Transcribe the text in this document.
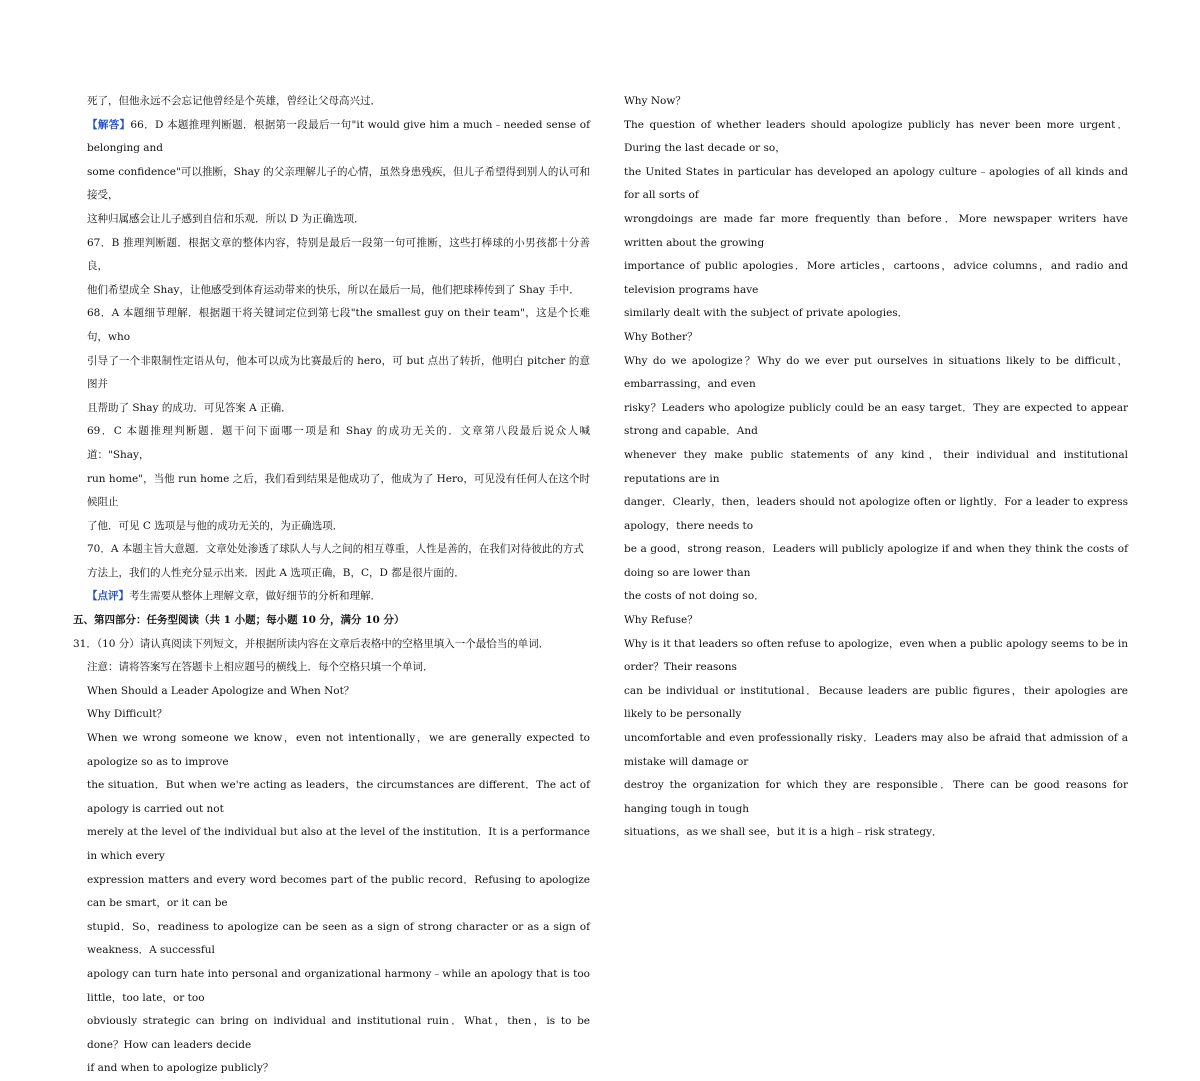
死了，但他永远不会忘记他曾经是个英雄，曾经让父母高兴过．

【解答】66．D 本题推理判断题．根据第一段最后一句"it would give him a much﹣needed sense of belonging and

some confidence"可以推断，Shay 的父亲理解儿子的心情，虽然身患残疾，但儿子希望得到别人的认可和接受，

这种归属感会让儿子感到自信和乐观．所以 D 为正确选项．

67．B 推理判断题．根据文章的整体内容，特别是最后一段第一句可推断，这些打棒球的小男孩都十分善良，

他们希望成全 Shay，让他感受到体育运动带来的快乐，所以在最后一局，他们把球棒传到了 Shay 手中．

68．A 本题细节理解．根据题干将关键词定位到第七段"the smallest guy on their team"，这是个长难句，who

引导了一个非限制性定语从句，他本可以成为比赛最后的 hero，可 but 点出了转折，他明白 pitcher 的意图并

且帮助了 Shay 的成功．可见答案 A 正确．

69．C 本题推理判断题．题干问下面哪一项是和 Shay 的成功无关的．文章第八段最后说众人喊道："Shay，

run home"，当他 run home 之后，我们看到结果是他成功了，他成为了 Hero，可见没有任何人在这个时候阻止

了他．可见 C 选项是与他的成功无关的，为正确选项．

70．A 本题主旨大意题．文章处处渗透了球队人与人之间的相互尊重，人性是善的，在我们对待彼此的方式

方法上，我们的人性充分显示出来．因此 A 选项正确，B，C，D 都是很片面的．

【点评】考生需要从整体上理解文章，做好细节的分析和理解．

五、第四部分：任务型阅读（共 1 小题；每小题 10 分，满分 10 分）

31．（10 分）请认真阅读下列短文，并根据所读内容在文章后表格中的空格里填入一个最恰当的单词．

注意：请将答案写在答题卡上相应题号的横线上．每个空格只填一个单词．

When Should a Leader Apologize and When Not？

Why Difficult？

When we wrong someone we know，even not intentionally，we are generally expected to apologize so as to improve

the situation．But when we're acting as leaders，the circumstances are different．The act of apology is carried out not

merely at the level of the individual but also at the level of the institution．It is a performance in which every

expression matters and every word becomes part of the public record．Refusing to apologize can be smart，or it can be

stupid．So，readiness to apologize can be seen as a sign of strong character or as a sign of weakness．A successful

apology can turn hate into personal and organizational harmony﹣while an apology that is too little，too late，or too

obviously strategic can bring on individual and institutional ruin．What，then，is to be done？How can leaders decide

if and when to apologize publicly？

Why Now？

The question of whether leaders should apologize publicly has never been more urgent．During the last decade or so，

the United States in particular has developed an apology culture﹣apologies of all kinds and for all sorts of

wrongdoings are made far more frequently than before．More newspaper writers have written about the growing

importance of public apologies．More articles，cartoons，advice columns，and radio and television programs have

similarly dealt with the subject of private apologies．

Why Bother？

Why do we apologize？Why do we ever put ourselves in situations likely to be difficult，embarrassing，and even

risky？Leaders who apologize publicly could be an easy target．They are expected to appear strong and capable．And

whenever they make public statements of any kind，their individual and institutional reputations are in

danger．Clearly，then，leaders should not apologize often or lightly．For a leader to express apology，there needs to

be a good，strong reason．Leaders will publicly apologize if and when they think the costs of doing so are lower than

the costs of not doing so．

Why Refuse？

Why is it that leaders so often refuse to apologize，even when a public apology seems to be in order？Their reasons

can be individual or institutional．Because leaders are public figures，their apologies are likely to be personally

uncomfortable and even professionally risky．Leaders may also be afraid that admission of a mistake will damage or

destroy the organization for which they are responsible．There can be good reasons for hanging tough in tough

situations，as we shall see，but it is a high﹣risk strategy．
